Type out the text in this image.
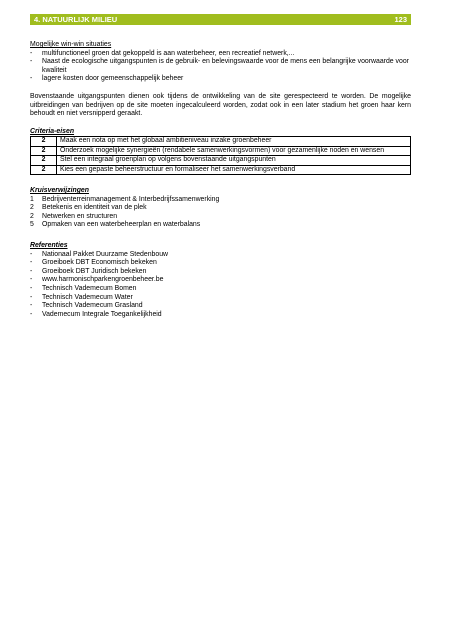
4. NATUURLIJK MILIEU	123
Mogelijke win-win situaties
-	multifunctioneel groen dat gekoppeld is aan waterbeheer, een recreatief netwerk,...
-	Naast de ecologische uitgangspunten is de gebruik- en belevingswaarde voor de mens een belangrijke voorwaarde voor kwaliteit
-	lagere kosten door gemeenschappelijk beheer
Bovenstaande uitgangspunten dienen ook tijdens de ontwikkeling van de site gerespecteerd te worden. De mogelijke uitbreidingen van bedrijven op de site moeten ingecalculeerd worden, zodat ook in een later stadium het groen haar kern behoudt en niet versnipperd geraakt.
Criteria-eisen
2	Maak een nota op met het globaal ambitieniveau inzake groenbeheer
2	Onderzoek mogelijke synergieën (rendabele samenwerkingsvormen) voor gezamenlijke noden en wensen
2	Stel een integraal groenplan op volgens bovenstaande uitgangspunten
2	Kies een gepaste beheerstructuur en formaliseer het samenwerkingsverband
Kruisverwijzingen
1	Bedrijventerreinmanagement & Interbedrijfssamenwerking
2	Betekenis en identiteit van de plek
2	Netwerken en structuren
5	Opmaken van een waterbeheerplan en waterbalans
Referenties
-	Nationaal Pakket Duurzame Stedenbouw
-	Groeiboek DBT Economisch bekeken
-	Groeiboek DBT Juridisch bekeken
-	www.harmonischparkengroenbeheer.be
-	Technisch Vademecum Bomen
-	Technisch Vademecum Water
-	Technisch Vademecum Grasland
-	Vademecum Integrale Toegankelijkheid
